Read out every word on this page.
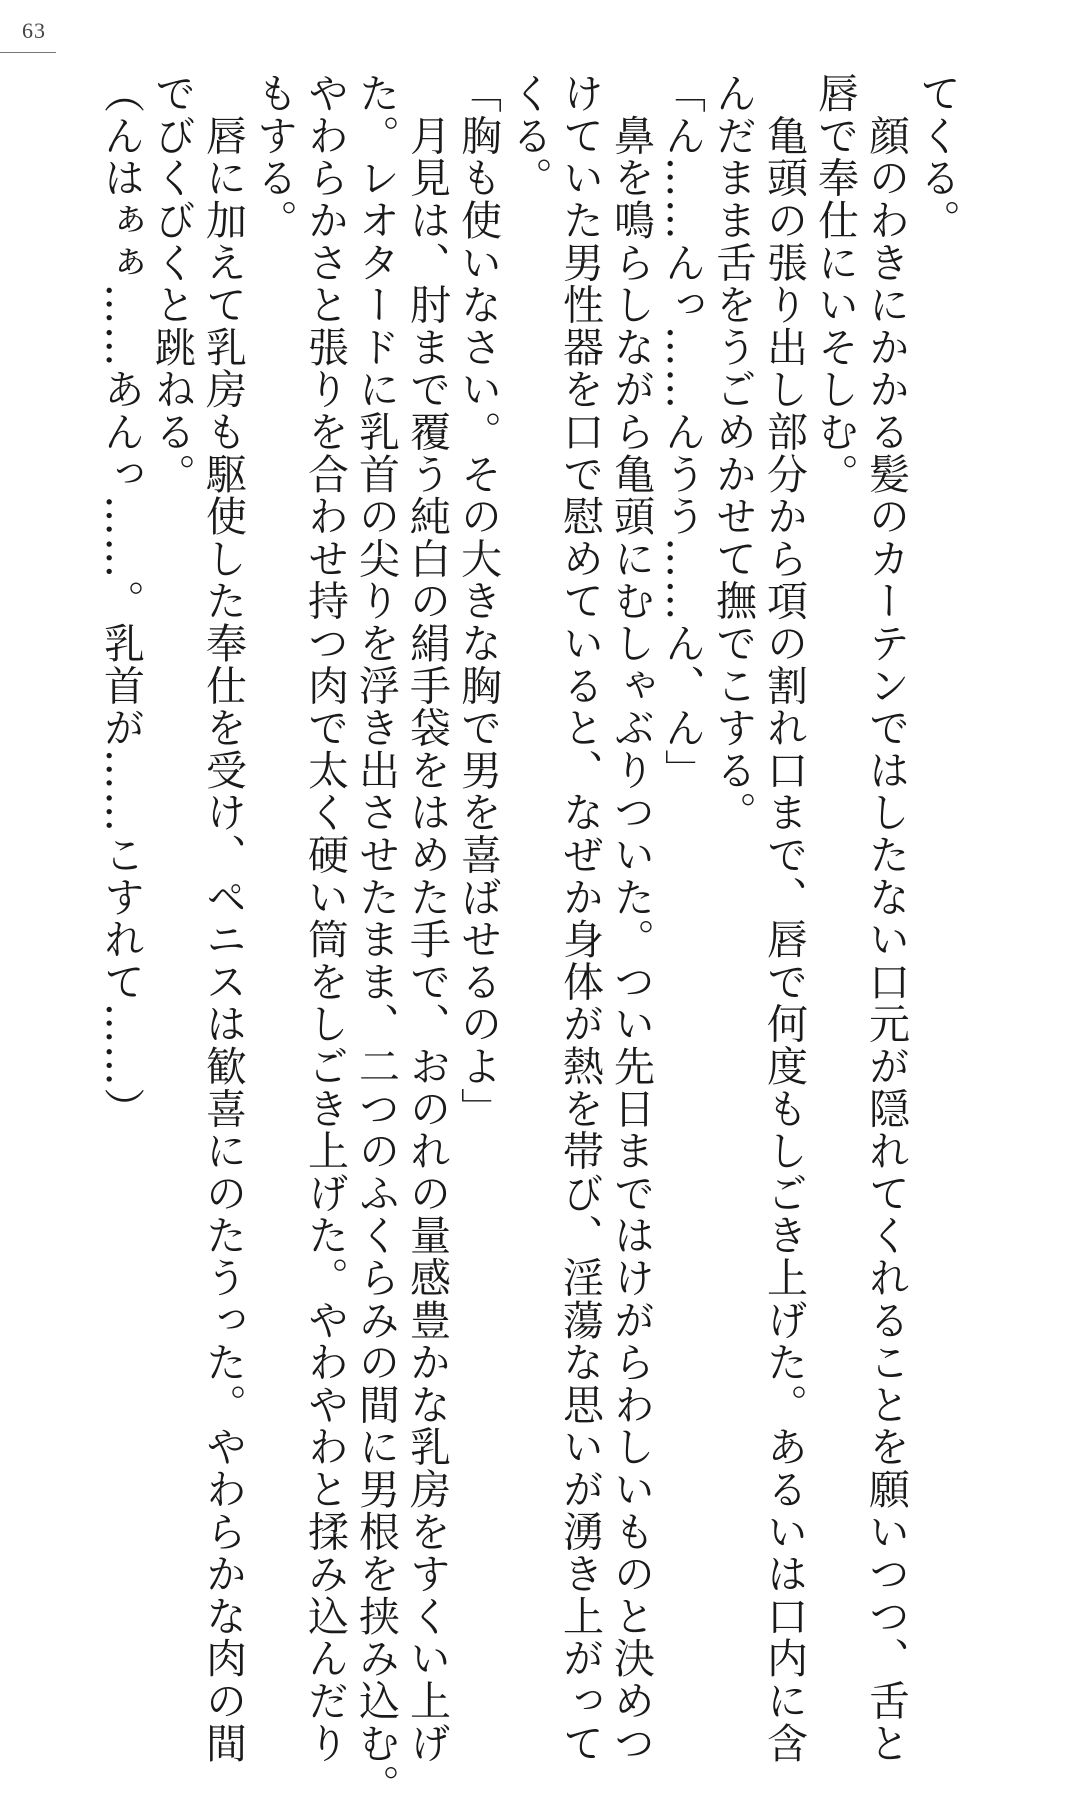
63

てくる。

　顔のわきにかかる髪のカーテンではしたない口元が隠れてくれることを願いつつ、舌と

唇で奉仕にいそしむ。

　亀頭の張り出し部分から項の割れ口まで、唇で何度もしごき上げた。あるいは口内に含

んだまま舌をうごめかせて撫でこする。

「ん……んっ……んうう……ん、ん」

　鼻を鳴らしながら亀頭にむしゃぶりついた。つい先日まではけがらわしいものと決めつ

けていた男性器を口で慰めていると、なぜか身体が熱を帯び、淫蕩な思いが湧き上がって

くる。

「胸も使いなさい。その大きな胸で男を喜ばせるのよ」

　月見は、肘まで覆う純白の絹手袋をはめた手で、おのれの量感豊かな乳房をすくい上げ

た。レオタードに乳首の尖りを浮き出させたまま、二つのふくらみの間に男根を挟み込む。

やわらかさと張りを合わせ持つ肉で太く硬い筒をしごき上げた。やわやわと揉み込んだり

もする。

　唇に加えて乳房も駆使した奉仕を受け、ペニスは歓喜にのたうった。やわらかな肉の間

でびくびくと跳ねる。

（んはぁぁ……あんっ……。乳首が……こすれて……）
